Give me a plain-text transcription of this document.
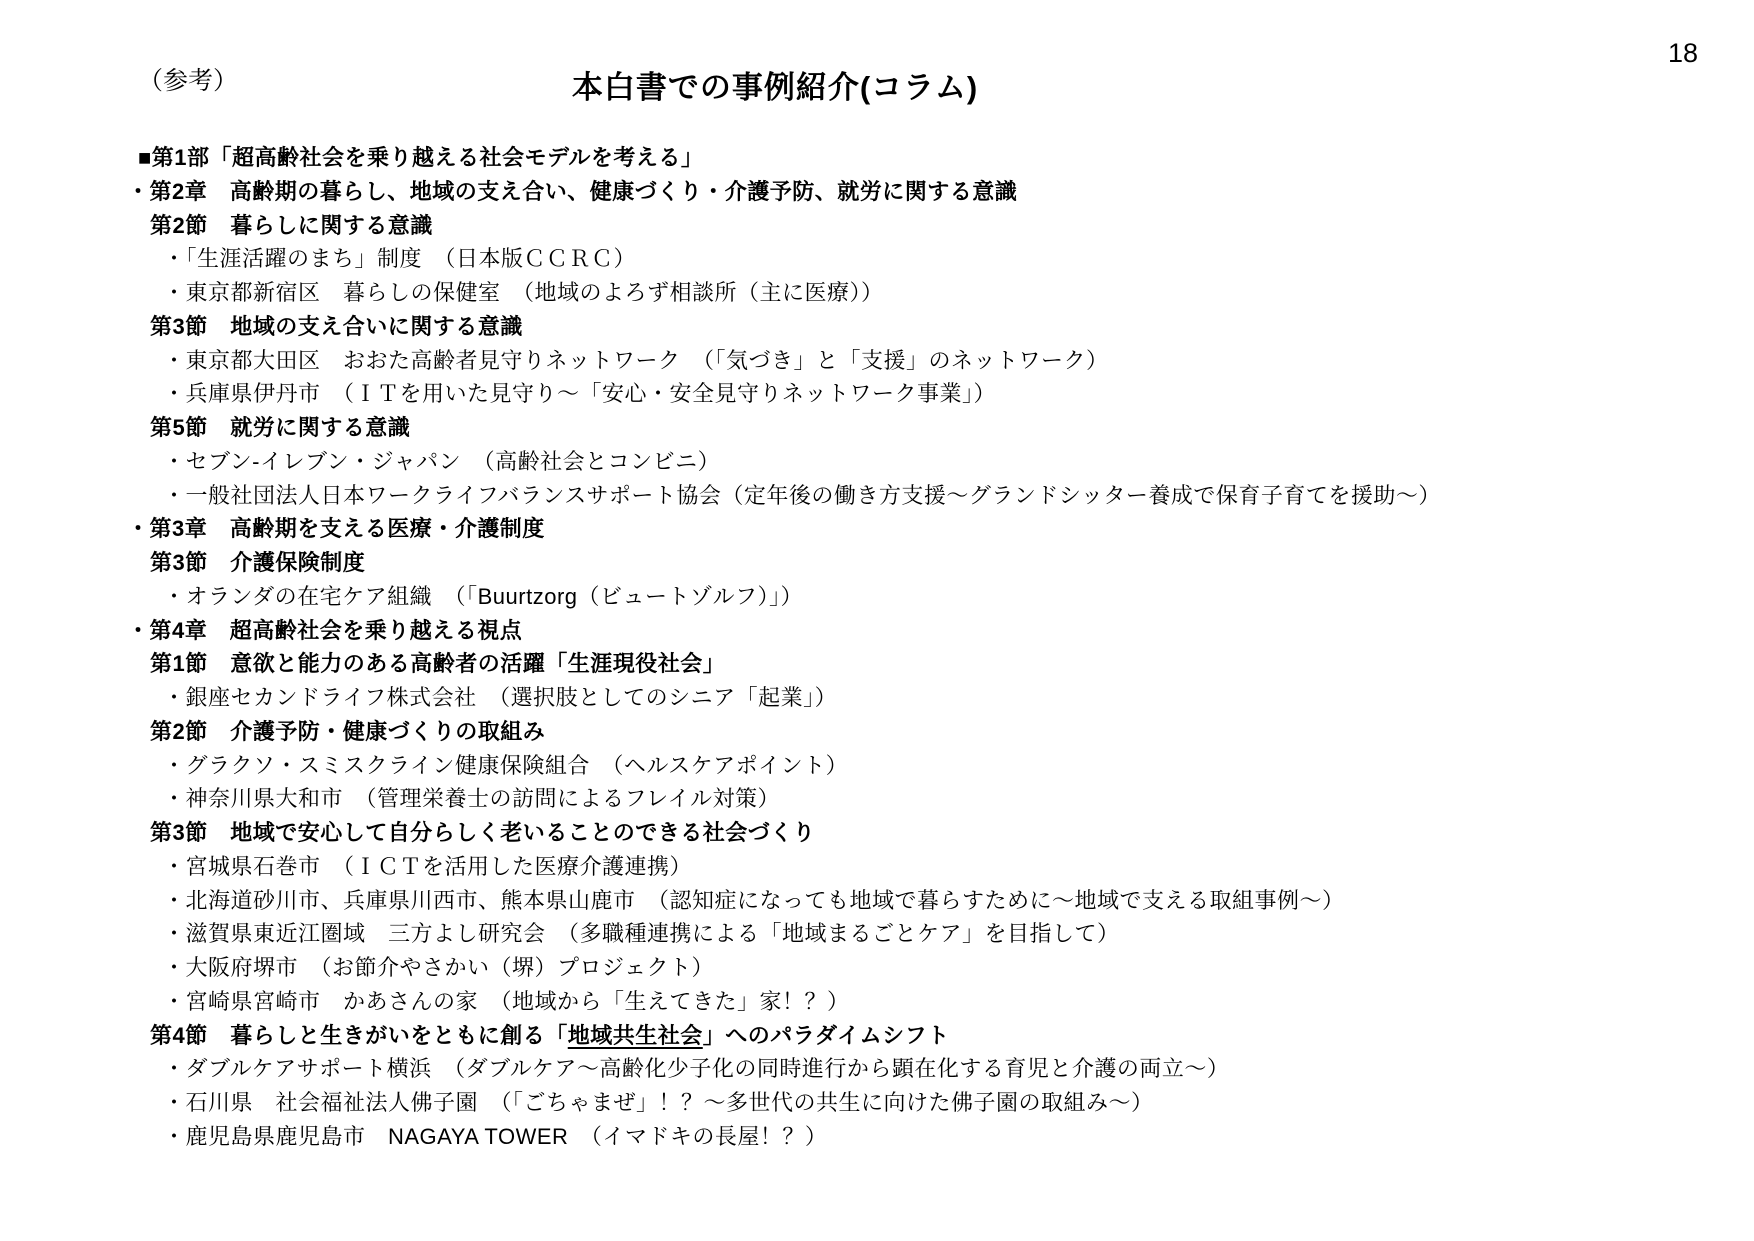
18
（参考）	本白書での事例紹介(コラム)
■第1部「超高齢社会を乗り越える社会モデルを考える」
・第2章　高齢期の暮らし、地域の支え合い、健康づくり・介護予防、就労に関する意識
第2節　暮らしに関する意識
・「生涯活躍のまち」制度　（日本版ＣＣＲＣ）
・東京都新宿区　暮らしの保健室　（地域のよろず相談所（主に医療））
第3節　地域の支え合いに関する意識
・東京都大田区　おおた高齢者見守りネットワーク　（「気づき」と「支援」のネットワーク）
・兵庫県伊丹市　（ＩＴを用いた見守り～「安心・安全見守りネットワーク事業」）
第5節　就労に関する意識
・セブン-イレブン・ジャパン　（高齢社会とコンビニ）
・一般社団法人日本ワークライフバランスサポート協会（定年後の働き方支援～グランドシッター養成で保育子育てを援助～）
・第3章　高齢期を支える医療・介護制度
第3節　介護保険制度
・オランダの在宅ケア組織　（「Buurtzorg（ビュートゾルフ）」）
・第4章　超高齢社会を乗り越える視点
第1節　意欲と能力のある高齢者の活躍「生涯現役社会」
・銀座セカンドライフ株式会社　（選択肢としてのシニア「起業」）
第2節　介護予防・健康づくりの取組み
・グラクソ・スミスクライン健康保険組合　（ヘルスケアポイント）
・神奈川県大和市　（管理栄養士の訪問によるフレイル対策）
第3節　地域で安心して自分らしく老いることのできる社会づくり
・宮城県石巻市　（ＩＣＴを活用した医療介護連携）
・北海道砂川市、兵庫県川西市、熊本県山鹿市　（認知症になっても地域で暮らすために～地域で支える取組事例～）
・滋賀県東近江圏域　三方よし研究会　（多職種連携による「地域まるごとケア」を目指して）
・大阪府堺市　（お節介やさかい（堺）プロジェクト）
・宮崎県宮崎市　かあさんの家　（地域から「生えてきた」家！？）
第4節　暮らしと生きがいをともに創る「地域共生社会」へのパラダイムシフト
・ダブルケアサポート横浜　（ダブルケア～高齢化少子化の同時進行から顕在化する育児と介護の両立～）
・石川県　社会福祉法人佛子園　（「ごちゃまぜ」！？～多世代の共生に向けた佛子園の取組み～）
・鹿児島県鹿児島市　NAGAYA TOWER　（イマドキの長屋！？）
